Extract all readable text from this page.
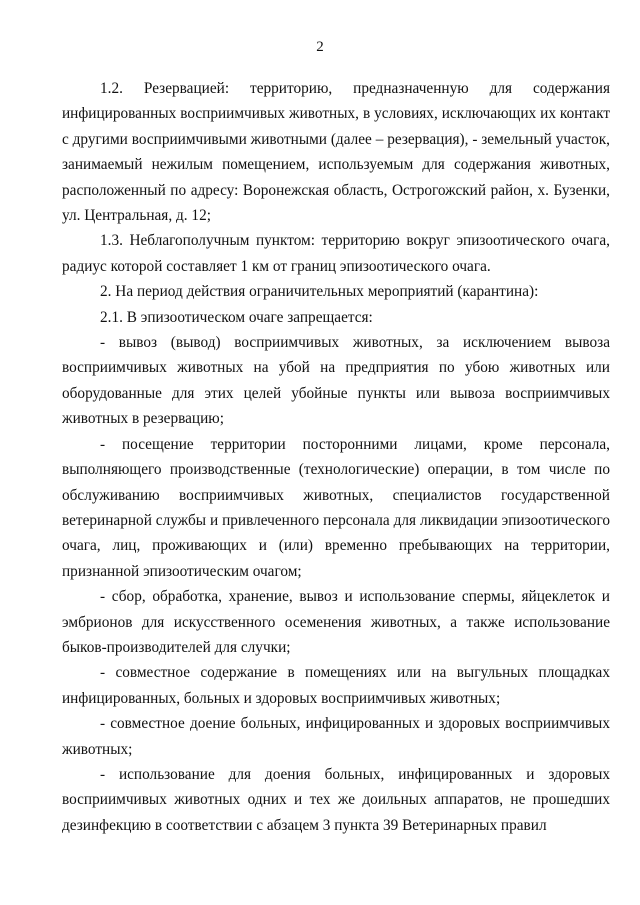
2

1.2. Резервацией: территорию, предназначенную для содержания инфицированных восприимчивых животных, в условиях, исключающих их контакт с другими восприимчивыми животными (далее – резервация), - земельный участок, занимаемый нежилым помещением, используемым для содержания животных, расположенный по адресу: Воронежская область, Острогожский район, х. Бузенки, ул. Центральная, д. 12;

1.3. Неблагополучным пунктом: территорию вокруг эпизоотического очага, радиус которой составляет 1 км от границ эпизоотического очага.

2. На период действия ограничительных мероприятий (карантина):

2.1. В эпизоотическом очаге запрещается:

- вывоз (вывод) восприимчивых животных, за исключением вывоза восприимчивых животных на убой на предприятия по убою животных или оборудованные для этих целей убойные пункты или вывоза восприимчивых животных в резервацию;

- посещение территории посторонними лицами, кроме персонала, выполняющего производственные (технологические) операции, в том числе по обслуживанию восприимчивых животных, специалистов государственной ветеринарной службы и привлеченного персонала для ликвидации эпизоотического очага, лиц, проживающих и (или) временно пребывающих на территории, признанной эпизоотическим очагом;

- сбор, обработка, хранение, вывоз и использование спермы, яйцеклеток и эмбрионов для искусственного осеменения животных, а также использование быков-производителей для случки;

- совместное содержание в помещениях или на выгульных площадках инфицированных, больных и здоровых восприимчивых животных;

- совместное доение больных, инфицированных и здоровых восприимчивых животных;

- использование для доения больных, инфицированных и здоровых восприимчивых животных одних и тех же доильных аппаратов, не прошедших дезинфекцию в соответствии с абзацем 3 пункта 39 Ветеринарных правил
